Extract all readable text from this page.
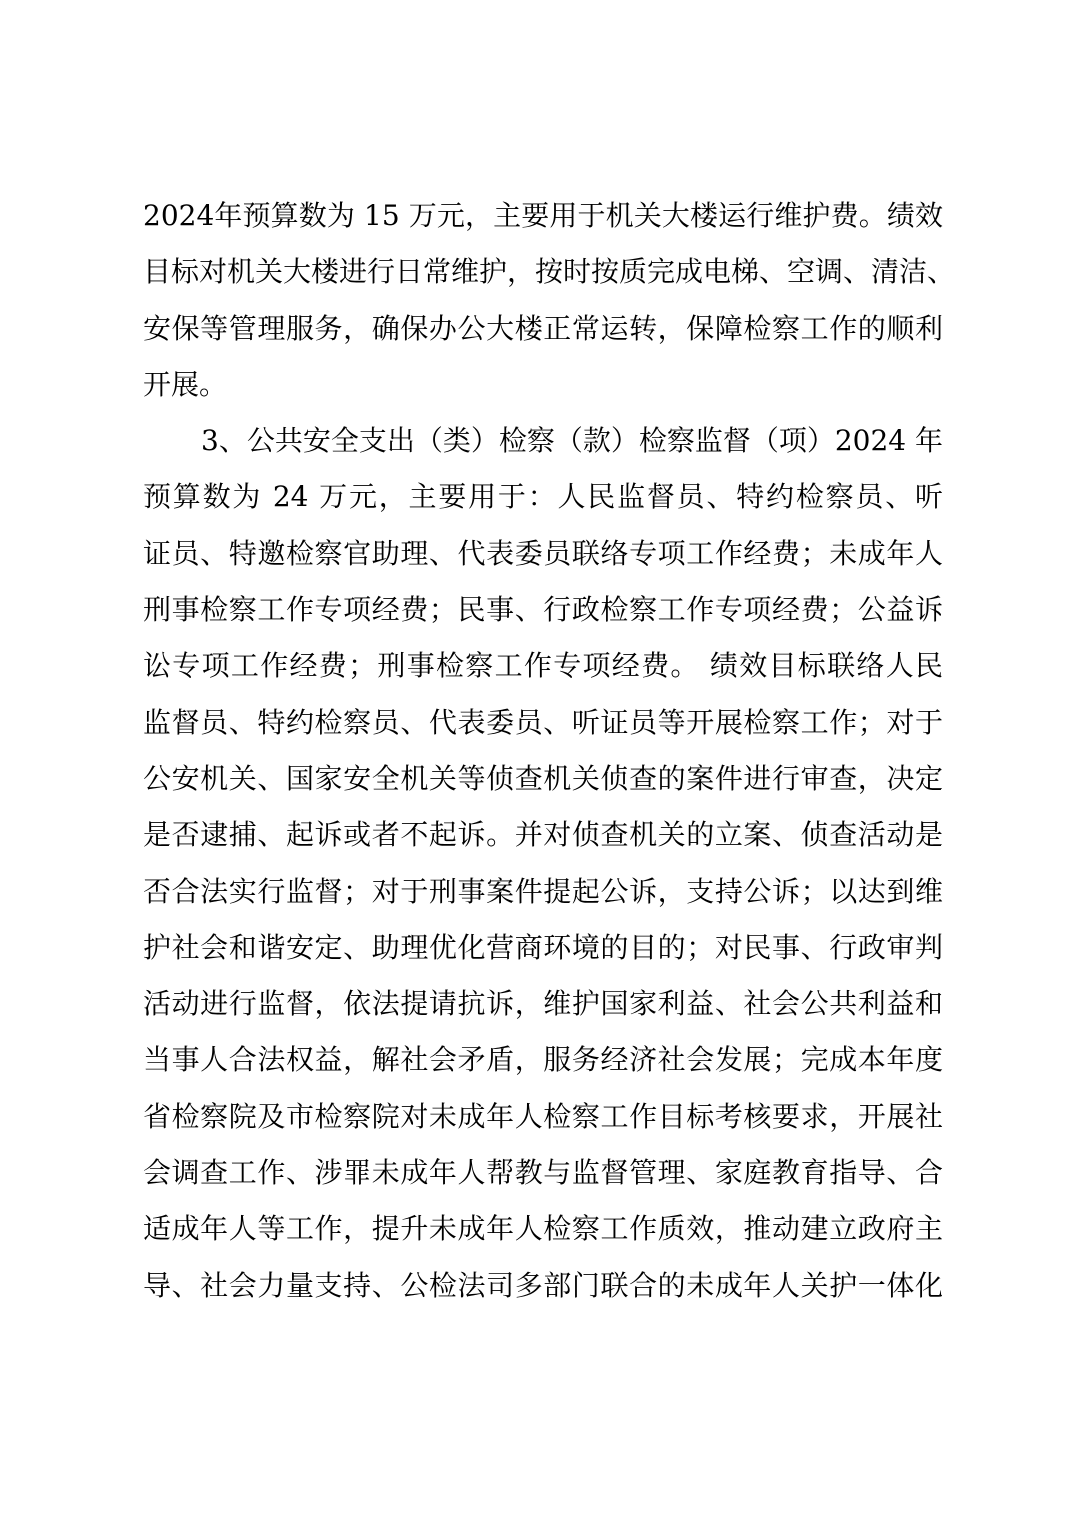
2024年预算数为 15 万元，主要用于机关大楼运行维护费。绩效
目标对机关大楼进行日常维护，按时按质完成电梯、空调、清洁、
安保等管理服务，确保办公大楼正常运转，保障检察工作的顺利
开展。
3、公共安全支出（类）检察（款）检察监督（项）2024 年
预算数为 24 万元，主要用于：人民监督员、特约检察员、听
证员、特邀检察官助理、代表委员联络专项工作经费；未成年人
刑事检察工作专项经费；民事、行政检察工作专项经费；公益诉
讼专项工作经费；刑事检察工作专项经费。 绩效目标联络人民
监督员、特约检察员、代表委员、听证员等开展检察工作；对于
公安机关、国家安全机关等侦查机关侦查的案件进行审查，决定
是否逮捕、起诉或者不起诉。并对侦查机关的立案、侦查活动是
否合法实行监督；对于刑事案件提起公诉，支持公诉；以达到维
护社会和谐安定、助理优化营商环境的目的；对民事、行政审判
活动进行监督，依法提请抗诉，维护国家利益、社会公共利益和
当事人合法权益，解社会矛盾，服务经济社会发展；完成本年度
省检察院及市检察院对未成年人检察工作目标考核要求，开展社
会调查工作、涉罪未成年人帮教与监督管理、家庭教育指导、合
适成年人等工作，提升未成年人检察工作质效，推动建立政府主
导、社会力量支持、公检法司多部门联合的未成年人关护一体化
